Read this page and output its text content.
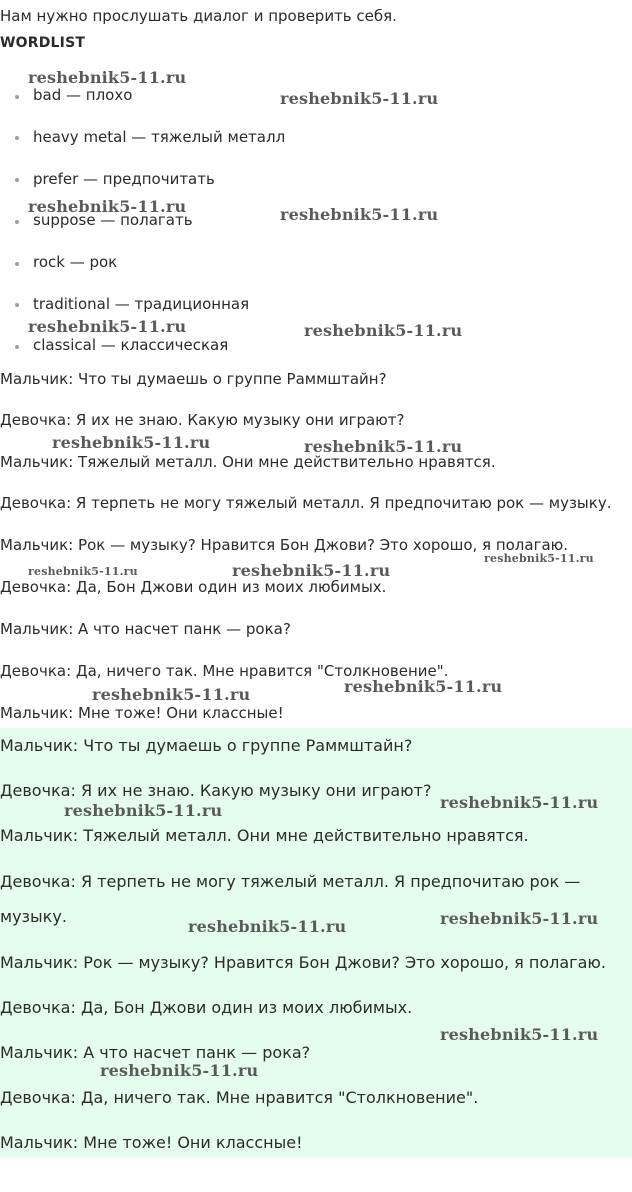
Нам нужно прослушать диалог и проверить себя.
WORDLIST
bad — плохо
heavy metal — тяжелый металл
prefer — предпочитать
suppose — полагать
rock — рок
traditional — традиционная
classical — классическая
Мальчик: Что ты думаешь о группе Раммштайн?
Девочка: Я их не знаю. Какую музыку они играют?
Мальчик: Тяжелый металл. Они мне действительно нравятся.
Девочка: Я терпеть не могу тяжелый металл. Я предпочитаю рок — музыку.
Мальчик: Рок — музыку? Нравится Бон Джови? Это хорошо, я полагаю.
Девочка: Да, Бон Джови один из моих любимых.
Мальчик: А что насчет панк — рока?
Девочка: Да, ничего так. Мне нравится "Столкновение".
Мальчик: Мне тоже! Они классные!
Мальчик: Что ты думаешь о группе Раммштайн?
Девочка: Я их не знаю. Какую музыку они играют?
Мальчик: Тяжелый металл. Они мне действительно нравятся.
Девочка: Я терпеть не могу тяжелый металл. Я предпочитаю рок —
музыку.
Мальчик: Рок — музыку? Нравится Бон Джови? Это хорошо, я полагаю.
Девочка: Да, Бон Джови один из моих любимых.
Мальчик: А что насчет панк — рока?
Девочка: Да, ничего так. Мне нравится "Столкновение".
Мальчик: Мне тоже! Они классные!
reshebnik5-11.ru
reshebnik5-11.ru
reshebnik5-11.ru	reshebnik5-11.ru
reshebnik5-11.ru	reshebnik5-11.ru
reshebnik5-11.ru	reshebnik5-11.ru
reshebnik5-11.ru
reshebnik5-11.ru	reshebnik5-11.ru
reshebnik5-11.ru
reshebnik5-11.ru
reshebnik5-11.ru
reshebnik5-11.ru
reshebnik5-11.ru
reshebnik5-11.ru
reshebnik5-11.ru
reshebnik5-11.ru
